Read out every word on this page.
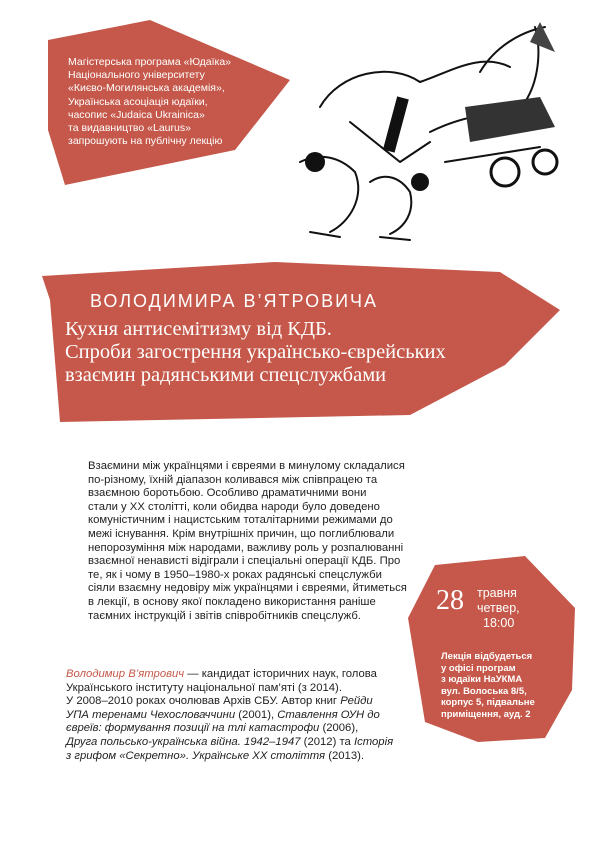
Магістерська програма «Юдаїка»
Національного університету
«Києво-Могилянська академія»,
Українська асоціація юдаїки,
часопис «Judaica Ukrainica»
та видавництво «Laurus»
запрошують на публічну лекцію
ВОЛОДИМИРА В’ЯТРОВИЧА
Кухня антисемітизму від КДБ.
Спроби загострення українсько-єврейських
взаємин радянськими спецслужбами
Взаємини між українцями і євреями в минулому складалися
по-різному, їхній діапазон коливався між співпрацею та
взаємною боротьбою. Особливо драматичними вони
стали у XX столітті, коли обидва народи було доведено
комуністичним і нацистським тоталітарними режимами до
межі існування. Крім внутрішніх причин, що поглиблювали
непорозуміння між народами, важливу роль у розпалюванні
взаємної ненависті відіграли і спеціальні операції КДБ. Про
те, як і чому в 1950–1980-х роках радянські спецслужби
сіяли взаємну недовіру між українцями і євреями, йтиметься
в лекції, в основу якої покладено використання раніше
таємних інструкцій і звітів співробітників спецслужб.
Володимир В’ятрович — кандидат історичних наук, голова
Українського інституту національної пам’яті (з 2014).
У 2008–2010 роках очолював Архів СБУ. Автор книг Рейди
УПА теренами Чехословаччини (2001), Ставлення ОУН до
євреїв: формування позиції на тлі катастрофи (2006),
Друга польсько-українська війна. 1942–1947 (2012) та Історія
з грифом «Секретно». Українське XX століття (2013).
28 травня
четвер,
18:00
Лекція відбудеться
у офісі програм
з юдаїки НаУКМА
вул. Волоська 8/5,
корпус 5, підвальне
приміщення, ауд. 2
